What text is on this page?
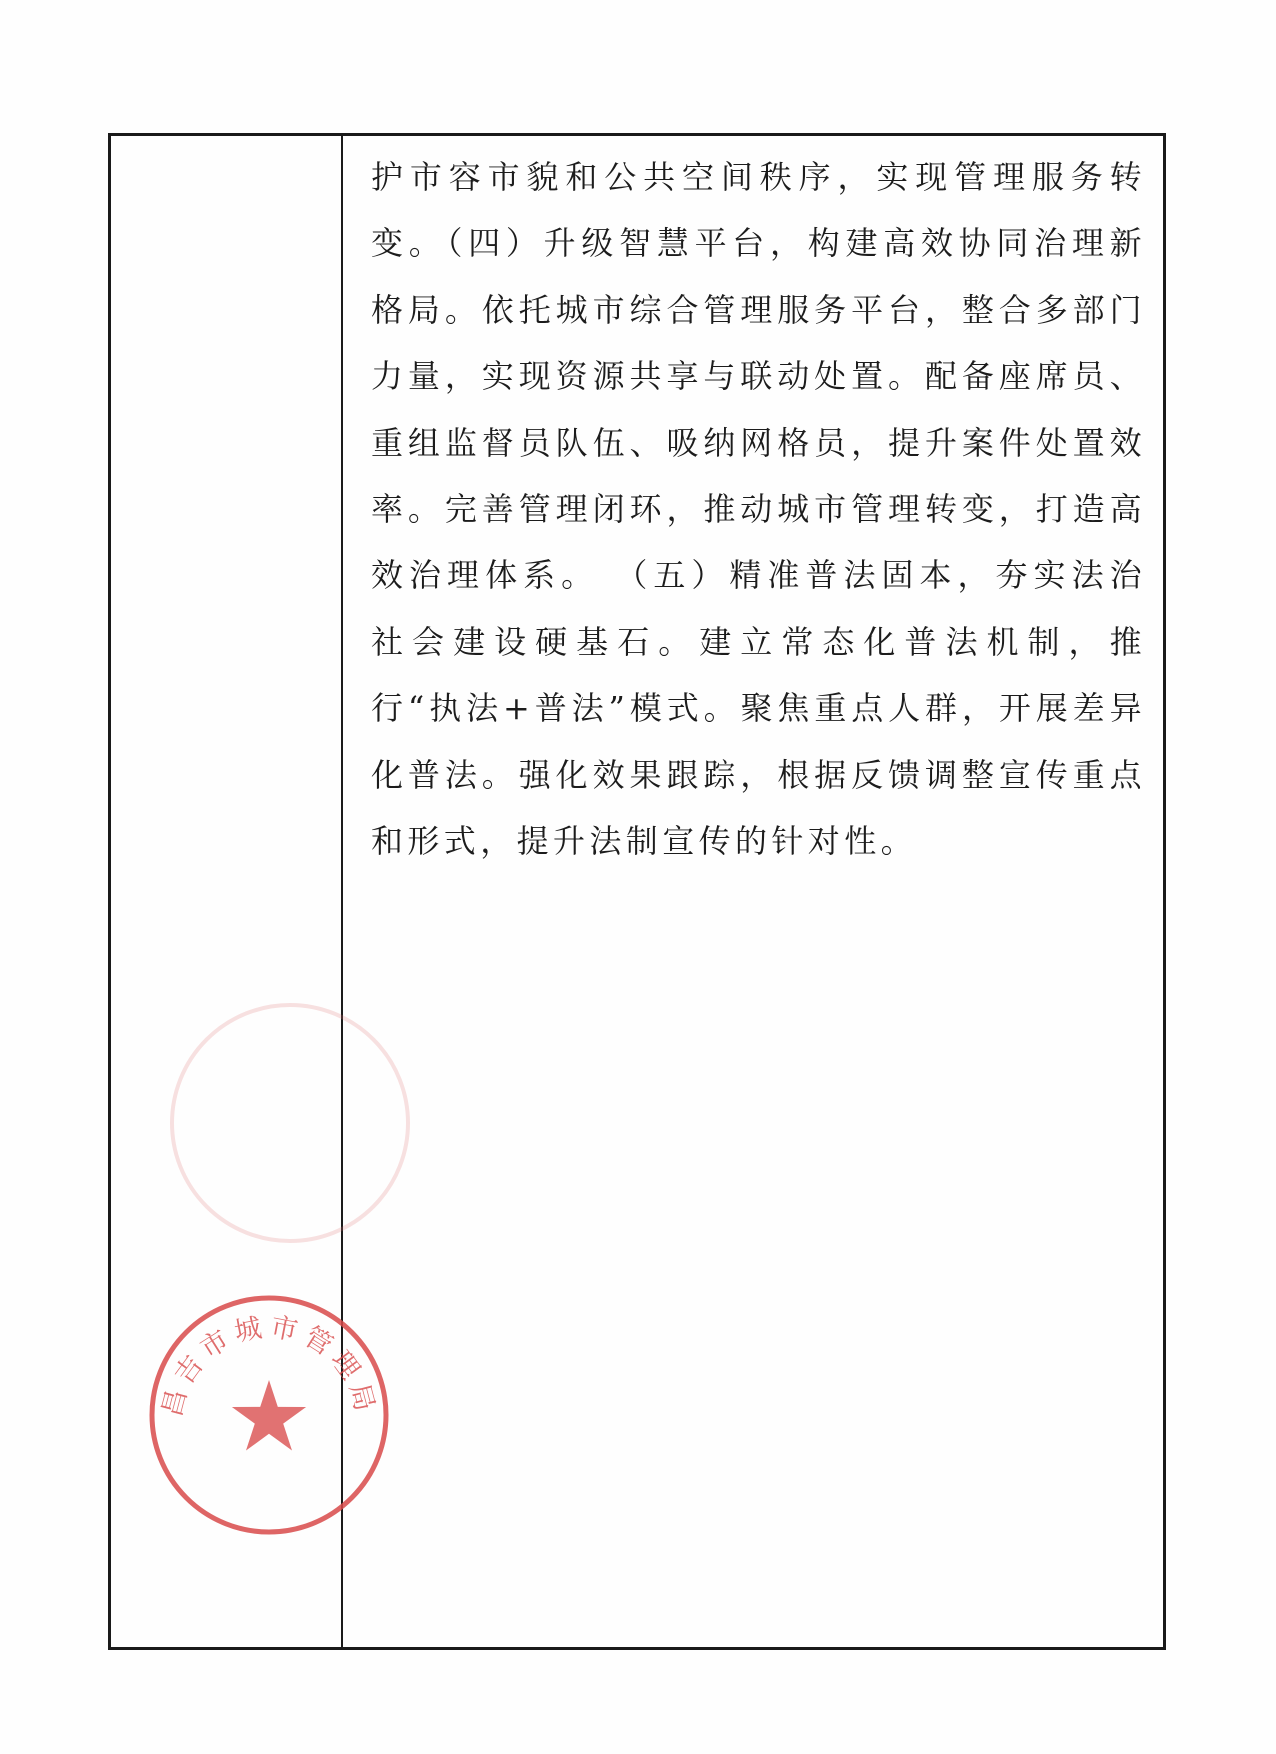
护市容市貌和公共空间秩序，实现管理服务转变。（四）升级智慧平台，构建高效协同治理新格局。依托城市综合管理服务平台，整合多部门力量，实现资源共享与联动处置。配备座席员、重组监督员队伍、吸纳网格员，提升案件处置效率。完善管理闭环，推动城市管理转变，打造高效治理体系。 （五）精准普法固本，夯实法治社会建设硬基石。建立常态化普法机制，推行“执法+普法”模式。聚焦重点人群，开展差异化普法。强化效果跟踪，根据反馈调整宣传重点和形式，提升法制宣传的针对性。

昌吉市城市管理局
